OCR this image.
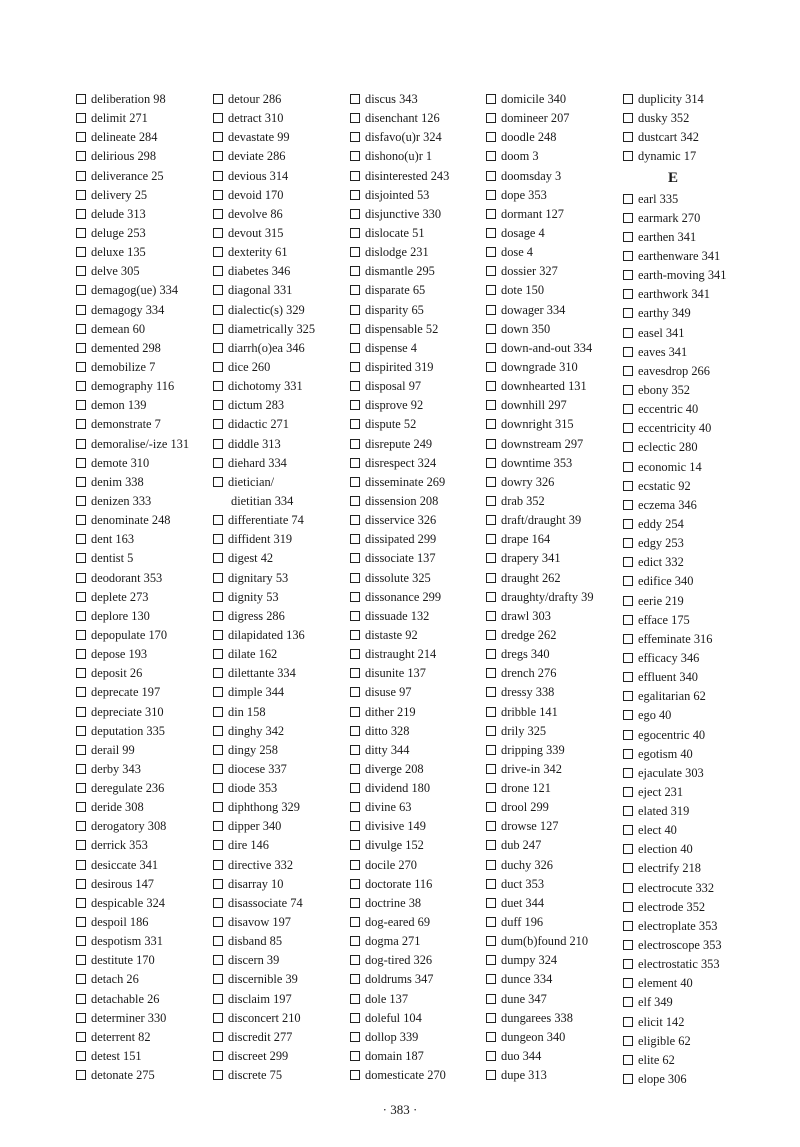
deliberation 98
delimit 271
delineate 284
delirious 298
deliverance 25
delivery 25
delude 313
deluge 253
deluxe 135
delve 305
demagog(ue) 334
demagogy 334
demean 60
demented 298
demobilize 7
demography 116
demon 139
demonstrate 7
demoralise/-ize 131
demote 310
denim 338
denizen 333
denominate 248
dent 163
dentist 5
deodorant 353
deplete 273
deplore 130
depopulate 170
depose 193
deposit 26
deprecate 197
depreciate 310
deputation 335
derail 99
derby 343
deregulate 236
deride 308
derogatory 308
derrick 353
desiccate 341
desirous 147
despicable 324
despoil 186
despotism 331
destitute 170
detach 26
detachable 26
determiner 330
deterrent 82
detest 151
detonate 275
detour 286
detract 310
devastate 99
deviate 286
devious 314
devoid 170
devolve 86
devout 315
dexterity 61
diabetes 346
diagonal 331
dialectic(s) 329
diametrically 325
diarrh(o)ea 346
dice 260
dichotomy 331
dictum 283
didactic 271
diddle 313
diehard 334
dietician/
dietitian 334
differentiate 74
diffident 319
digest 42
dignitary 53
dignity 53
digress 286
dilapidated 136
dilate 162
dilettante 334
dimple 344
din 158
dinghy 342
dingy 258
diocese 337
diode 353
diphthong 329
dipper 340
dire 146
directive 332
disarray 10
disassociate 74
disavow 197
disband 85
discern 39
discernible 39
disclaim 197
disconcert 210
discredit 277
discreet 299
discrete 75
discus 343
disenchant 126
disfavo(u)r 324
dishono(u)r 1
disinterested 243
disjointed 53
disjunctive 330
dislocate 51
dislodge 231
dismantle 295
disparate 65
disparity 65
dispensable 52
dispense 4
dispirited 319
disposal 97
disprove 92
dispute 52
disrepute 249
disrespect 324
disseminate 269
dissension 208
disservice 326
dissipated 299
dissociate 137
dissolute 325
dissonance 299
dissuade 132
distaste 92
distraught 214
disunite 137
disuse 97
dither 219
ditto 328
ditty 344
diverge 208
dividend 180
divine 63
divisive 149
divulge 152
docile 270
doctorate 116
doctrine 38
dog-eared 69
dogma 271
dog-tired 326
doldrums 347
dole 137
doleful 104
dollop 339
domain 187
domesticate 270
domicile 340
domineer 207
doodle 248
doom 3
doomsday 3
dope 353
dormant 127
dosage 4
dose 4
dossier 327
dote 150
dowager 334
down 350
down-and-out 334
downgrade 310
downhearted 131
downhill 297
downright 315
downstream 297
downtime 353
dowry 326
drab 352
draft/draught 39
drape 164
drapery 341
draught 262
draughty/drafty 39
drawl 303
dredge 262
dregs 340
drench 276
dressy 338
dribble 141
drily 325
dripping 339
drive-in 342
drone 121
drool 299
drowse 127
dub 247
duchy 326
duct 353
duet 344
duff 196
dum(b)found 210
dumpy 324
dunce 334
dune 347
dungarees 338
dungeon 340
duo 344
dupe 313
duplicity 314
dusky 352
dustcart 342
dynamic 17
E
earl 335
earmark 270
earthen 341
earthenware 341
earth-moving 341
earthwork 341
earthy 349
easel 341
eaves 341
eavesdrop 266
ebony 352
eccentric 40
eccentricity 40
eclectic 280
economic 14
ecstatic 92
eczema 346
eddy 254
edgy 253
edict 332
edifice 340
eerie 219
efface 175
effeminate 316
efficacy 346
effluent 340
egalitarian 62
ego 40
egocentric 40
egotism 40
ejaculate 303
eject 231
elated 319
elect 40
election 40
electrify 218
electrocute 332
electrode 352
electroplate 353
electroscope 353
electrostatic 353
element 40
elf 349
elicit 142
eligible 62
elite 62
elope 306
· 383 ·
